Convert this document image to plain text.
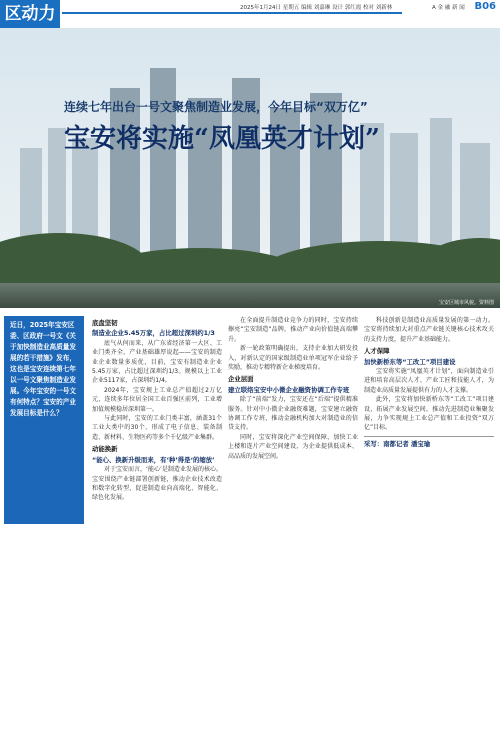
区动力	2025年1月24日 星期五 编辑 刘嘉琳 设计 郭红霞 校对 刘新林	A 金 融 新 闻 B06
连续七年出台一号文聚焦制造业发展，今年目标“双万亿”
宝安将实施“凤凰英才计划”
宝安区城市风貌。资料图
近日，2025年宝安区委、区政府一号文《关于加快制造业高质量发展的若干措施》发布，这也是宝安连续第七年以一号文聚焦制造业发展。今年宝安的一号文有何特点？宝安的产业发展目标是什么？
底盘坚韧
制造业企业5.45万家，占比超过深圳约1/3

底气从何而来，从广东省经济第一大区、工业门类齐全、产业基础雄厚说起——宝安的制造业企业数量多质优，目前，宝安有制造业企业5.45万家，占比超过深圳约1/3。规模以上工业企业5117家，占深圳约1/4。

2024年，宝安规上工业总产值超过2万亿元，连续多年位居全国工业百强区前列，工业增加值规模稳居深圳第一。

与此同时，宝安的工业门类丰富，涵盖31个工业大类中的30个，形成了电子信息、装备制造、新材料、生物医药等多个千亿级产业集群。

动能换新
“能心、换新升级而来，有‘种’得是‘的缩放’

对于宝安而言，‘能心’是制造业发展的核心。宝安围绕产业链部署创新链，推动企业技术改造和数字化转型，促进制造业向高端化、智能化、绿色化发展。

在全面提升制造业竞争力的同时，宝安持续擦亮“宝安制造”品牌，推动产业向价值链高端攀升。

新一轮政策明确提出，支持企业加大研发投入，对新认定的国家级制造业单项冠军企业给予奖励，推动专精特新企业梯度培育。

企业层面
建立联络宝安中小微企业融资协调工作专班

除了“前端”发力，宝安还在“后端”提供精准服务。针对中小微企业融资难题，宝安建立融资协调工作专班，推动金融机构加大对制造业的信贷支持。

同时，宝安将深化产业空间保障，加快工业上楼和连片产业空间建设，为企业提供低成本、高品质的发展空间。

科技创新是制造业高质量发展的第一动力。宝安将持续加大对重点产业链关键核心技术攻关的支持力度，提升产业基础能力。

人才保障
加快新桥东等“工改工”项目建设

宝安将实施“凤凰英才计划”，面向制造业引进和培育高层次人才、产业工匠和技能人才，为制造业高质量发展提供有力的人才支撑。

此外，宝安将加快新桥东等“工改工”项目建设，拓展产业发展空间，推动先进制造业集聚发展，力争实现规上工业总产值和工业投资“双万亿”目标。

采写：南都记者 潘宝瑜
